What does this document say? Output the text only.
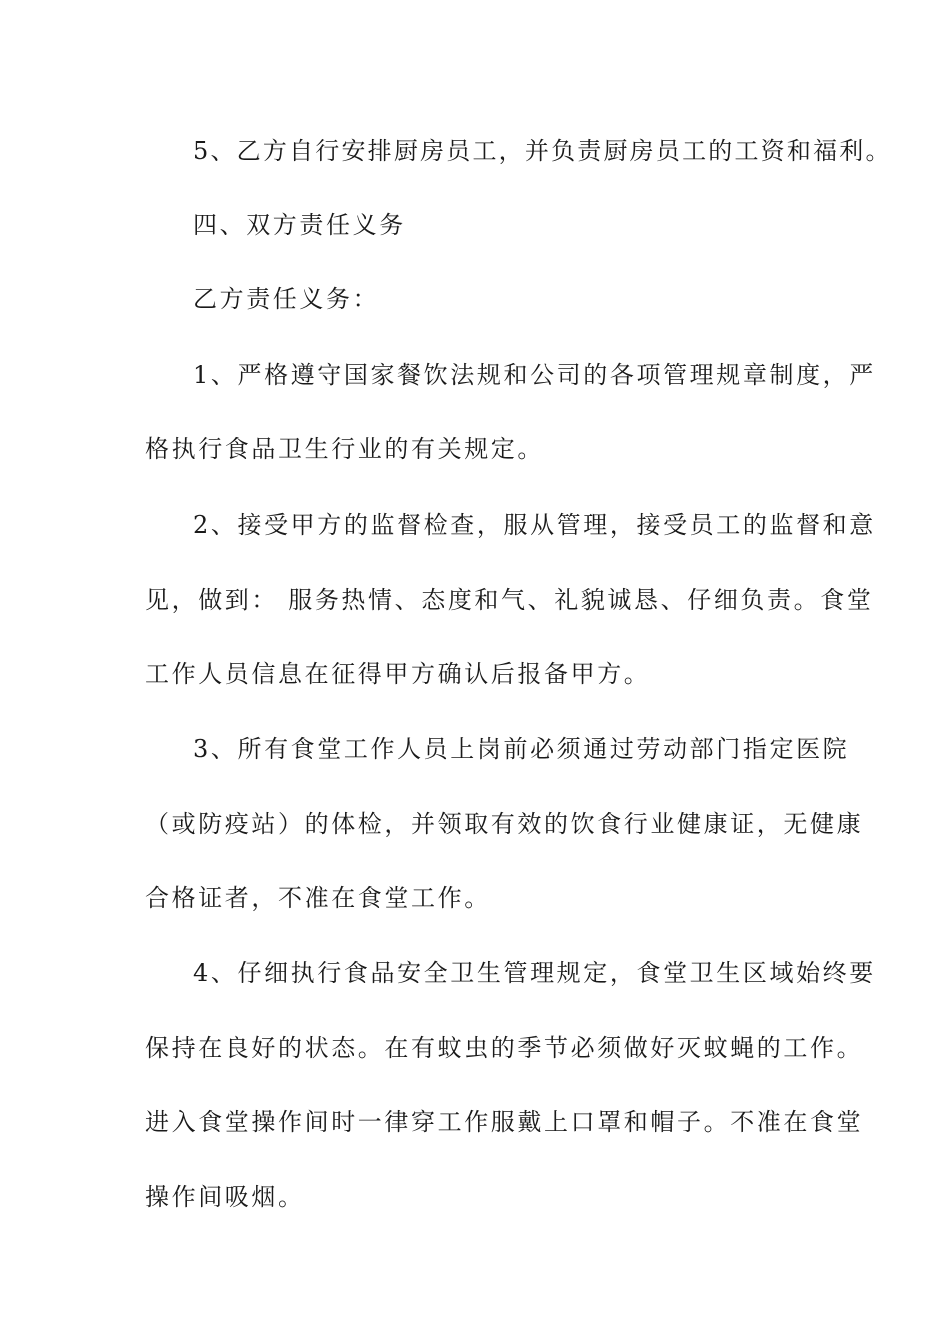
5、乙方自行安排厨房员工，并负责厨房员工的工资和福利。
四、双方责任义务
乙方责任义务：
1、严格遵守国家餐饮法规和公司的各项管理规章制度，严
格执行食品卫生行业的有关规定。
2、接受甲方的监督检查，服从管理，接受员工的监督和意
见，做到： 服务热情、态度和气、礼貌诚恳、仔细负责。食堂
工作人员信息在征得甲方确认后报备甲方。
3、所有食堂工作人员上岗前必须通过劳动部门指定医院
（或防疫站）的体检，并领取有效的饮食行业健康证，无健康
合格证者，不准在食堂工作。
4、仔细执行食品安全卫生管理规定，食堂卫生区域始终要
保持在良好的状态。在有蚊虫的季节必须做好灭蚊蝇的工作。
进入食堂操作间时一律穿工作服戴上口罩和帽子。不准在食堂
操作间吸烟。
